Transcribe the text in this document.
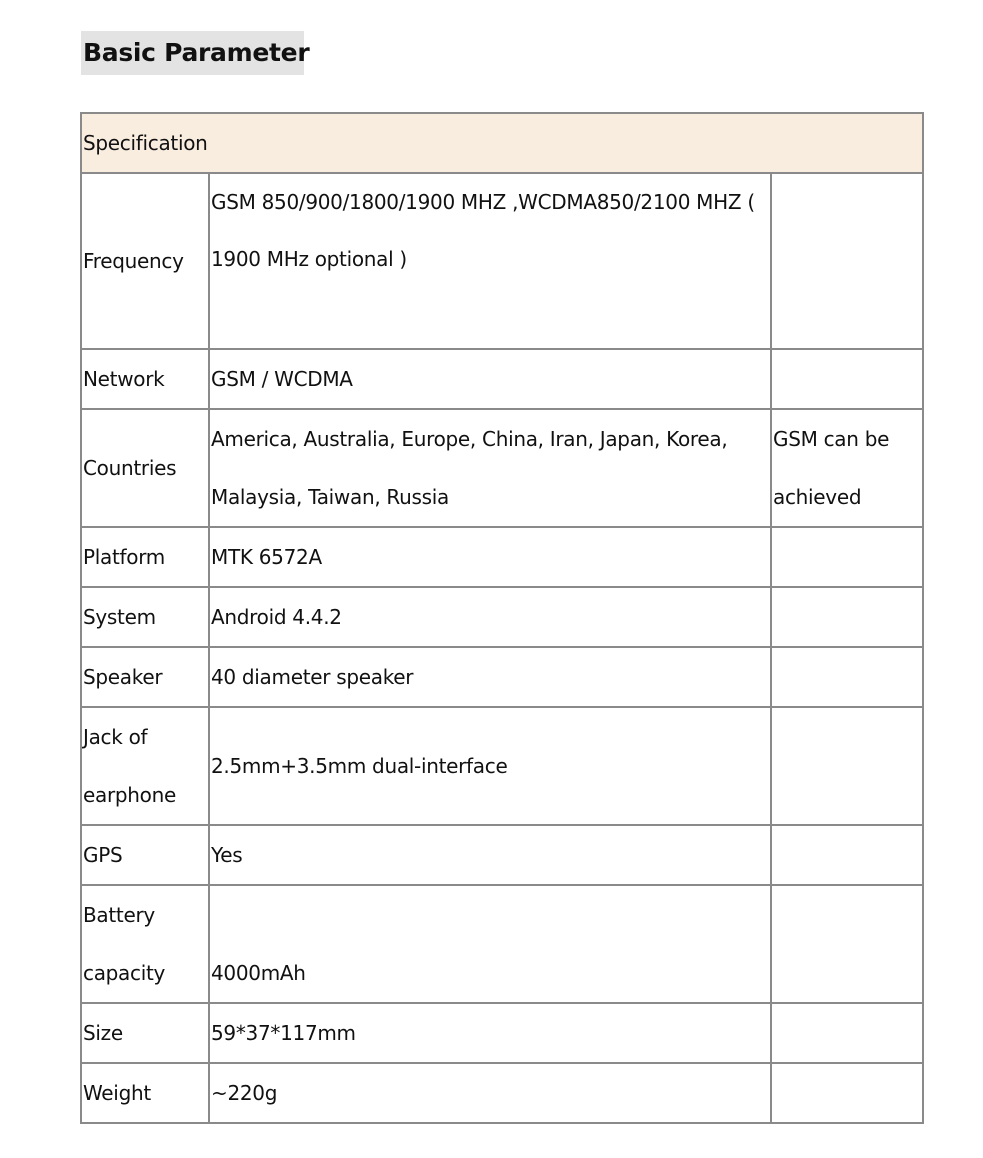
Basic Parameter
Specification		
Frequency	GSM 850/900/1800/1900 MHZ ,WCDMA850/2100 MHZ ( 1900 MHz optional )	
Network	GSM / WCDMA	
Countries	America, Australia, Europe, China, Iran, Japan, Korea, Malaysia, Taiwan, Russia	GSM can be achieved
Platform	MTK 6572A	
System	Android 4.4.2	
Speaker	40 diameter speaker	
Jack of earphone	2.5mm+3.5mm dual-interface	
GPS	Yes	
Battery capacity	4000mAh	
Size	59*37*117mm	
Weight	~220g	
